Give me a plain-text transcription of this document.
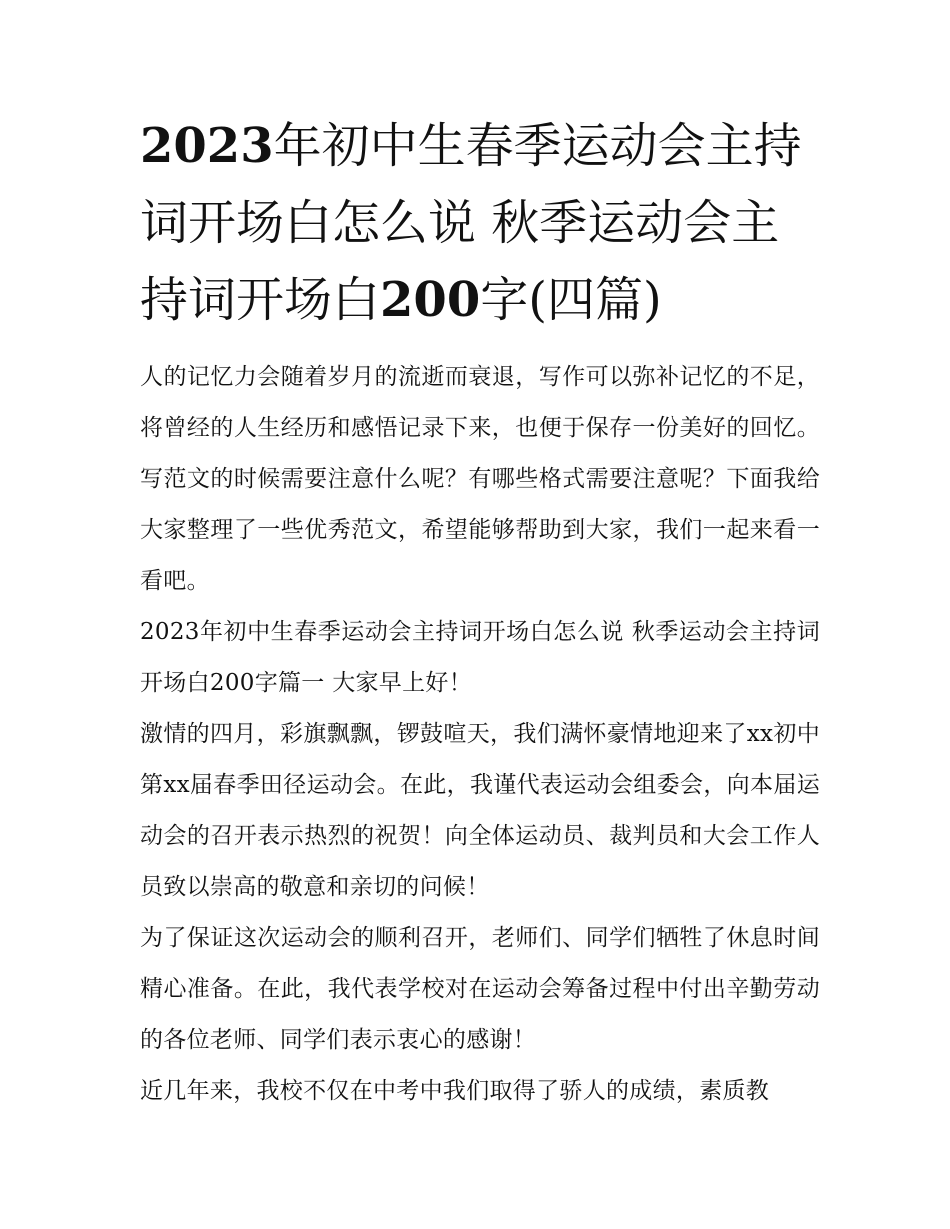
2023年初中生春季运动会主持词开场白怎么说 秋季运动会主持词开场白200字(四篇)

人的记忆力会随着岁月的流逝而衰退，写作可以弥补记忆的不足，将曾经的人生经历和感悟记录下来，也便于保存一份美好的回忆。写范文的时候需要注意什么呢？有哪些格式需要注意呢？下面我给大家整理了一些优秀范文，希望能够帮助到大家，我们一起来看一看吧。

2023年初中生春季运动会主持词开场白怎么说 秋季运动会主持词开场白200字篇一 大家早上好！

激情的四月，彩旗飘飘，锣鼓喧天，我们满怀豪情地迎来了xx初中第xx届春季田径运动会。在此，我谨代表运动会组委会，向本届运动会的召开表示热烈的祝贺！向全体运动员、裁判员和大会工作人员致以崇高的敬意和亲切的问候！

为了保证这次运动会的顺利召开，老师们、同学们牺牲了休息时间精心准备。在此，我代表学校对在运动会筹备过程中付出辛勤劳动的各位老师、同学们表示衷心的感谢！

近几年来，我校不仅在中考中我们取得了骄人的成绩，素质教
